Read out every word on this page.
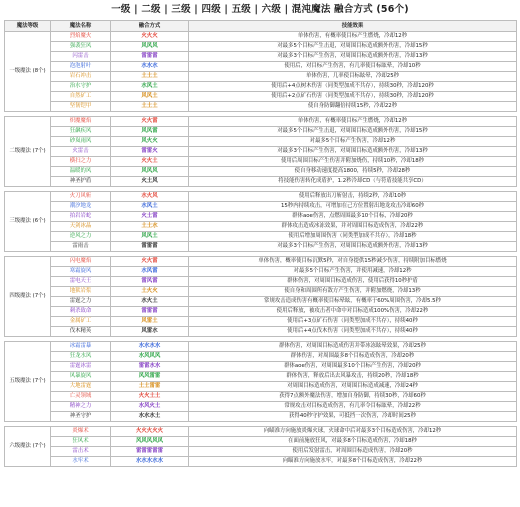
一级 | 二级 | 三级 | 四级 | 五级 | 六级 | 混沌魔法 融合方式 (56个)
魔法等级	魔法名称	融合方式	技能效果
一级魔法 (8个)	烈焰魔火	火火火	单体伤害，有概率使目标产生燃烧，冷却12秒
	强袭狂风	风风风	对最多5个目标产生击退，对周围目标造成额外伤害，冷却15秒
	闪雷击	雷雷雷	对最多3个目标产生伤害，对周围目标造成额外伤害，冷却13秒
	泡泡射叶	水水水	使用后，对目标产生伤害，有几率使目标眩晕，冷却10秒
	岩石冲击	土土土	单体伤害，几率使目标眩晕，冷却25秒
	治水守护	水风土	使用后+4点树木伤害（同类型加成不共存），持续30秒，冷却120秒
	自然矿工	风风土	使用后+2点矿石伤害（同类型加成不共存），持续30秒，冷却120秒
	坚韧铠甲	土土土	使自身防御翻倍持续15秒，冷却22秒

二级魔法 (7个)	炽魔魔焰	火火雷	单体伤害，有概率使目标产生燃烧，冷却12秒
	狂飙疾风	风风雷	对最多5个目标产生击退，对周围目标造成额外伤害，冷却15秒
	砂岚雨风	风火火	对最多5个目标产生伤害，冷却12秒
	火雷击	雷雷火	对最多3个目标产生伤害，对周围目标造成额外伤害，冷却13秒
	横扫之力	火火土	使用后周围目标产生伤害并附加烧伤，持续10秒，冷却18秒
	温暖的风	风风风	使自身移动速度提高1800，持续5秒，冷却28秒
	神圣护盾	火土风	将技能伤害转化成盾护，1.2秒冷却CD（与符盾技能共享CD）

三级魔法 (6个)	火刀风斩	水火风	使用后释放出刀斩射击，持续2秒，冷却10秒
	潮汐地龙	水风土	15秒内持续攻击，可增加在己方位置射出地龙攻击冷却60秒
	拍岩岩蛇	火土雷	群体aoe伤害，点燃周围最多10个目标，冷却20秒
	天剑冰晶	土土水	群体攻击造成冰冻效果，并对周围目标造成伤害，冷却22秒
	逆风之力	风风土	使用后增加周围伤害（同类型加成不共存），冷却18秒
	雷雨击	雷雷雷	对最多3个目标产生伤害，对周围目标造成额外伤害，冷却13秒

四级魔法 (7个)	闪电魔焰	火火雷	单体伤害，概率使目标沉默5秒，对自身提供15秒减少伤害，持续附加目标燃烧
	寒霜旋风	水风雷	对最多5个目标产生伤害，并使用减速，冷却12秒
	雷电天王	雷风雷	群体伤害，对周围目标造成伤害，使用后获得10秒护盾
	地狱岩浆	土火火	使自身和周围所有敌方产生伤害，并附加燃烧，冷却13秒
	雷霆之力	水火土	常规攻击造成伤害有概率使目标晕眩，有概率于60%周围伤害，冷却5.5秒
	刺杀致命	雷雷雷	使用后释放，被攻击者中命中对目标造成100%伤害，冷却22秒
	金属矿工	风雷土	使用后+3点矿石伤害（同类型加成不共存），持续40秒
	伐木精英	风雷水	使用后+4点伐木伤害（同类型加成不共存），持续40秒

五级魔法 (7个)	冰霜雷暴	水水水水	群体伤害，对周围目标造成伤害并带冰冻眩晕效果，冷却25秒
	狂龙水风	水风风风	群体伤害，对周围最多8个目标造成伤害，冷却20秒
	雷霆冰雷	雷雷水水	群体aoe伤害，对周围最多10个目标产生伤害，冷却20秒
	风暴旋风	风风雷雷	群体伤害，释放后出去风暴攻击，持续20秒，冷却18秒
	大地雷霆	土土雷雷	对周围目标造成伤害，对周围目标造成减速，冷却24秒
	亡灵领域	火火土土	获得7点额外魔法伤害，增加自身防御，持续30秒，冷却60秒
	精神之力	水风火土	常规攻击对目标造成伤害，有几率令目标眩晕，冷却22秒
	神圣守护	水水水土	获得40秒守护效果，可抵挡一次伤害，冷却时间25秒

六级魔法 (7个)	炎爆术	火火火火火	向瞄准方向施放炎爆火球，火球命中后对最多3个目标造成伤害，冷却12秒
	狂风术	风风风风风	在面前施放狂风，对最多8个目标造成伤害，冷却18秒
	雷击术	雷雷雷雷雷	使用后发射雷击，对周围目标造成伤害，冷却20秒
	水牢术	水水水水水	向瞄准方向施放水牢，对最多8个目标造成伤害，冷却22秒
